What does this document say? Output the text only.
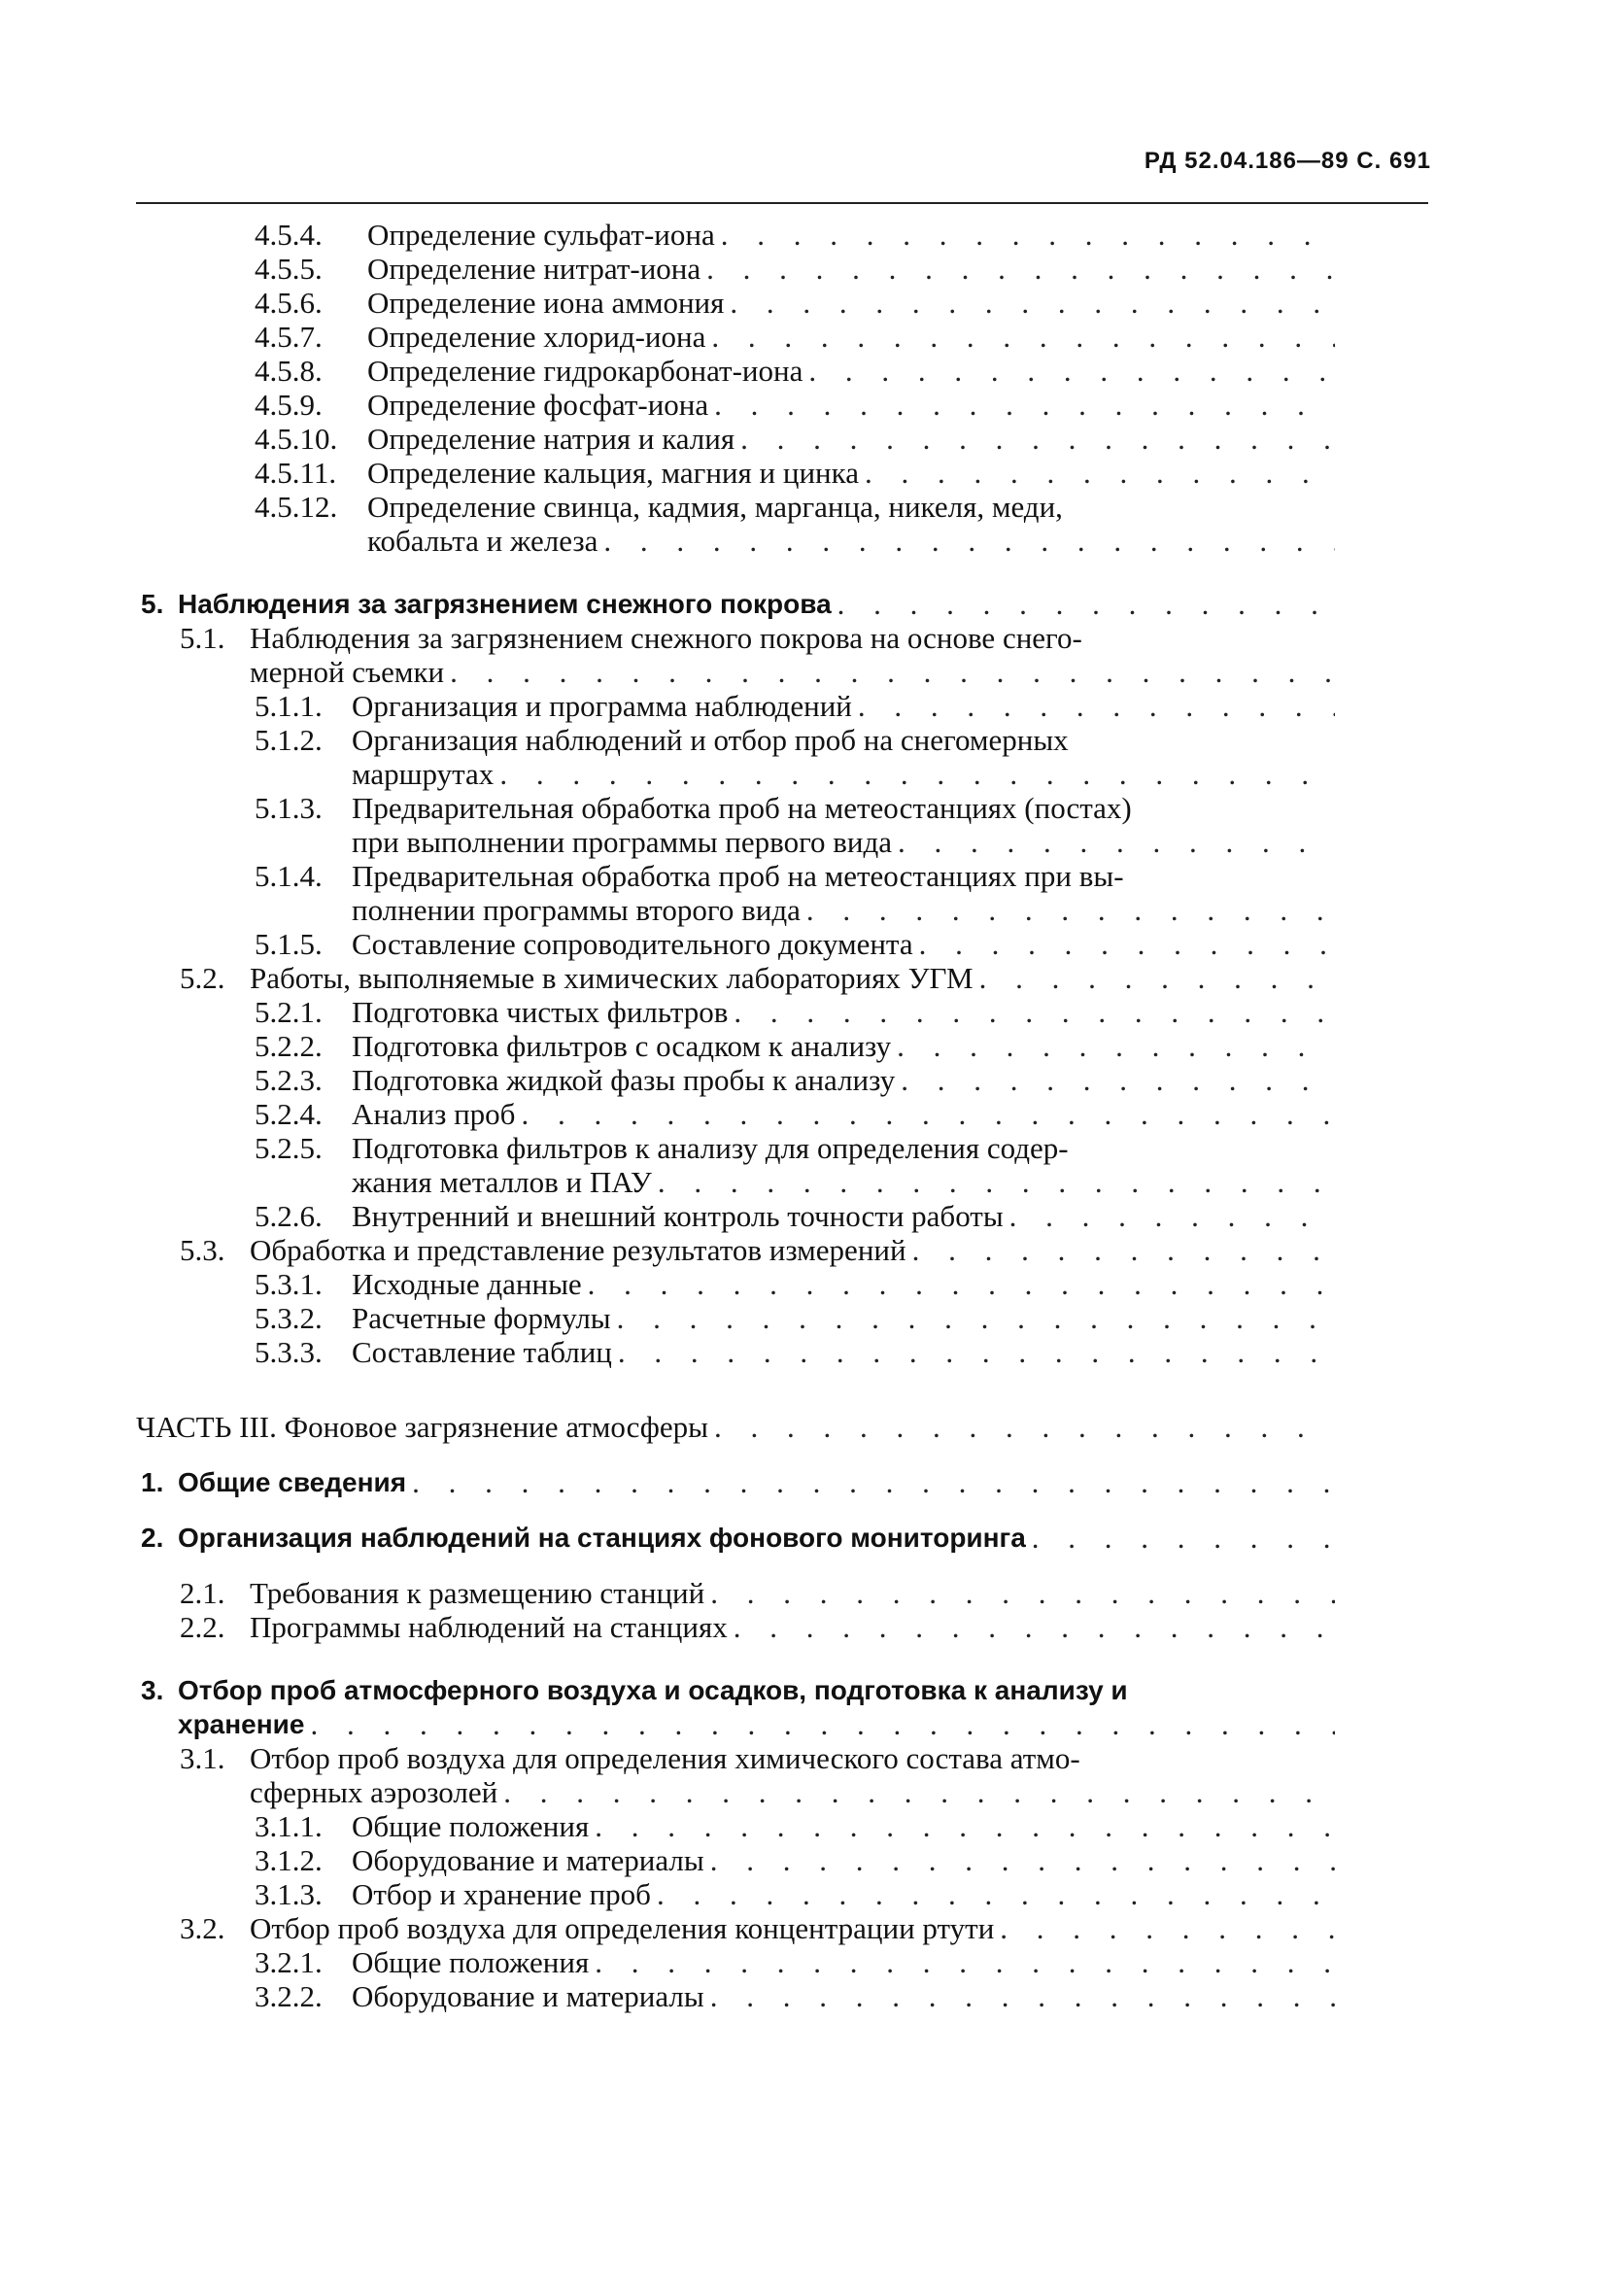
РД 52.04.186—89 С. 691
4.5.4.	Определение сульфат-иона
. . .
4.5.5.	Определение нитрат-иона
. . .
4.5.6.	Определение иона аммония
. . .
4.5.7.	Определение хлорид-иона
. . .
4.5.8.	Определение гидрокарбонат-иона
. . .
4.5.9.	Определение фосфат-иона
. . .
4.5.10. Определение натрия и калия
. . .
4.5.11.	Определение кальция, магния и цинка
. . .
4.5.12. Определение свинца, кадмия, марганца, никеля, меди,
кобальта и железа
. . .
5. Наблюдения за загрязнением снежного покрова
. . .
5.1. Наблюдения за загрязнением снежного покрова на основе снего-
мерной съемки
. . .
5.1.1. Организация и программа наблюдений
. . .
5.1.2. Организация наблюдений и отбор проб на снегомерных
маршрутах
. . .
5.1.3. Предварительная обработка проб на метеостанциях (постах)
при выполнении программы первого вида
. . .
5.1.4. Предварительная обработка проб на метеостанциях при вы-
полнении программы второго вида
. . .
5.1.5. Составление сопроводительного документа
. . .
5.2. Работы, выполняемые в химических лабораториях УГМ
. . .
5.2.1. Подготовка чистых фильтров
. . .
5.2.2. Подготовка фильтров с осадком к анализу
. . .
5.2.3. Подготовка жидкой фазы пробы к анализу
. . .
5.2.4. Анализ проб
. . .
5.2.5. Подготовка фильтров к анализу для определения содер-
жания металлов и ПАУ
. . .
5.2.6. Внутренний и внешний контроль точности работы
. . .
5.3. Обработка и представление результатов измерений
. . .
5.3.1. Исходные данные
. . .
5.3.2. Расчетные формулы
. . .
5.3.3. Составление таблиц
. . .
ЧАСТЬ III. Фоновое загрязнение атмосферы
. . .
1. Общие сведения
. . .
2. Организация наблюдений на станциях фонового мониторинга
. . .
2.1. Требования к размещению станций
. . .
2.2. Программы наблюдений на станциях
. . .
3. Отбор проб атмосферного воздуха и осадков, подготовка к анализу и
хранение
. . .
3.1. Отбор проб воздуха для определения химического состава атмо-
сферных аэрозолей
. . .
3.1.1. Общие положения
. . .
3.1.2. Оборудование и материалы
. . .
3.1.3. Отбор и хранение проб
. . .
3.2. Отбор проб воздуха для определения концентрации ртути
. . .
3.2.1. Общие положения
. . .
3.2.2. Оборудование и материалы
. . .
